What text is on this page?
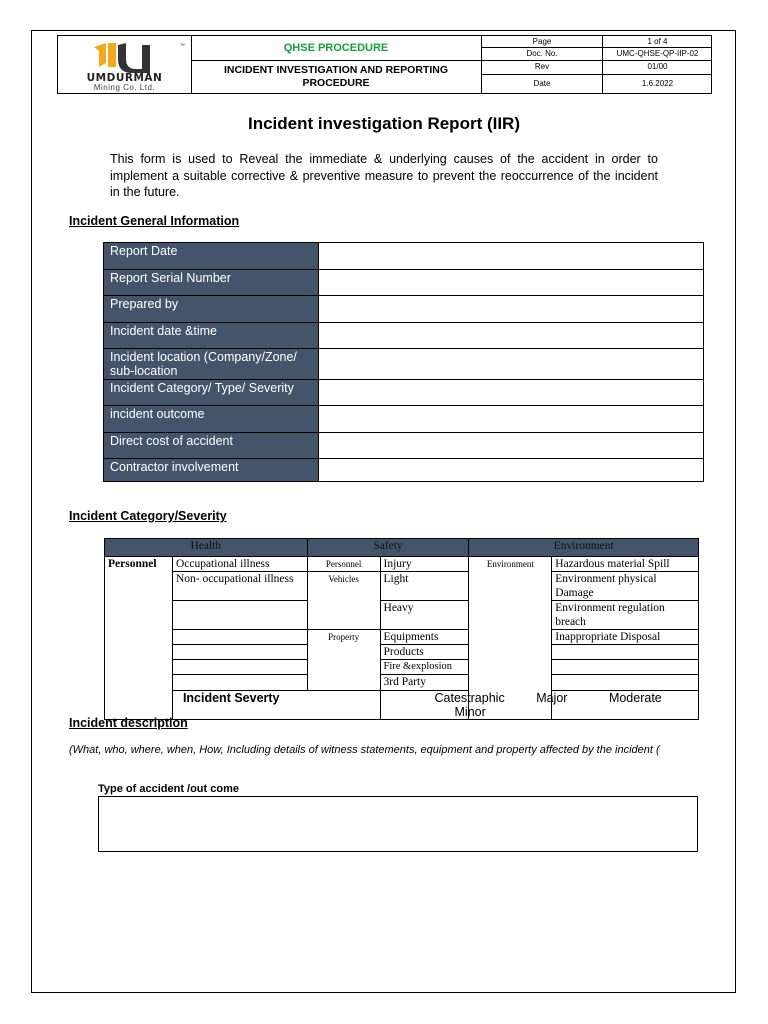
™
UMDURMAN
Mining Co. Ltd.
QHSE PROCEDURE
INCIDENT INVESTIGATION AND REPORTING PROCEDURE
Page	1 of 4
Doc. No.	UMC-QHSE-QP-IIP-02
Rev	01/00
Date	1.6.2022
Incident investigation Report (IIR)
This form is used to Reveal the immediate & underlying causes of the accident in order to implement a suitable corrective & preventive measure to prevent the reoccurrence of the incident in the future.
Incident General Information
Report Date	
Report Serial Number	
Prepared by	
Incident date &time	
Incident location (Company/Zone/ sub-location	
Incident Category/ Type/ Severity	
incident outcome	
Direct cost of accident	
Contractor involvement	
Incident Category/Severity
Health		Safety		Environment	
Personnel	Occupational illness	Personnel	Injury	Environment	Hazardous material Spill
	Non- occupational illness	Vehicles	Light		Environment physical Damage
			Heavy		Environment regulation breach
		Property	Equipments		Inappropriate Disposal
			Products		
			Fire &explosion		
			3rd Party		
	Incident Severty		Catestraphic Major Moderate Minor		
Incident description
(What, who, where, when, How, Including details of witness statements, equipment and property affected by the incident (
Type of accident /out come
